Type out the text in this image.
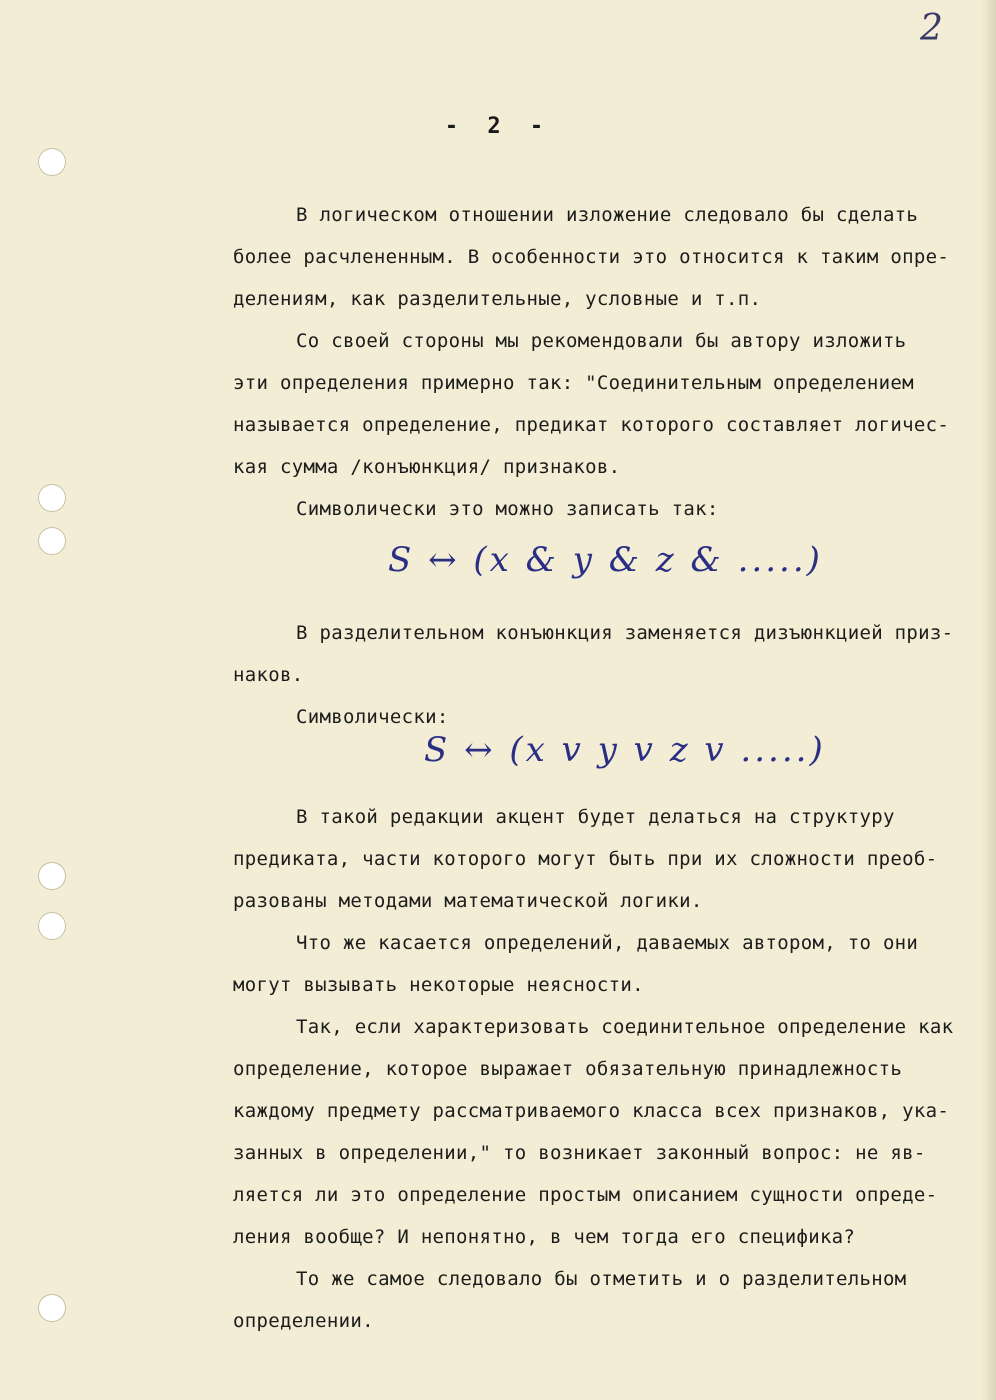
2
- 2 -
В логическом отношении изложение следовало бы сделать
более расчлененным. В особенности это относится к таким опре-
делениям, как разделительные, условные и т.п.
Со своей стороны мы рекомендовали бы автору изложить
эти определения примерно так: "Соединительным определением
называется определение, предикат которого составляет логичес-
кая сумма /конъюнкция/ признаков.
Символически это можно записать так:
S ↔ (x & y & z & .....)
В разделительном конъюнкция заменяется дизъюнкцией приз-
наков.
Символически:
S ↔ (x v y v z v .....)
В такой редакции акцент будет делаться на структуру
предиката, части которого могут быть при их сложности преоб-
разованы методами математической логики.
Что же касается определений, даваемых автором, то они
могут вызывать некоторые неясности.
Так, если характеризовать соединительное определение как
определение, которое выражает обязательную принадлежность
каждому предмету рассматриваемого класса всех признаков, ука-
занных в определении," то возникает законный вопрос: не яв-
ляется ли это определение простым описанием сущности опреде-
ления вообще? И непонятно, в чем тогда его специфика?
То же самое следовало бы отметить и о разделительном
определении.
